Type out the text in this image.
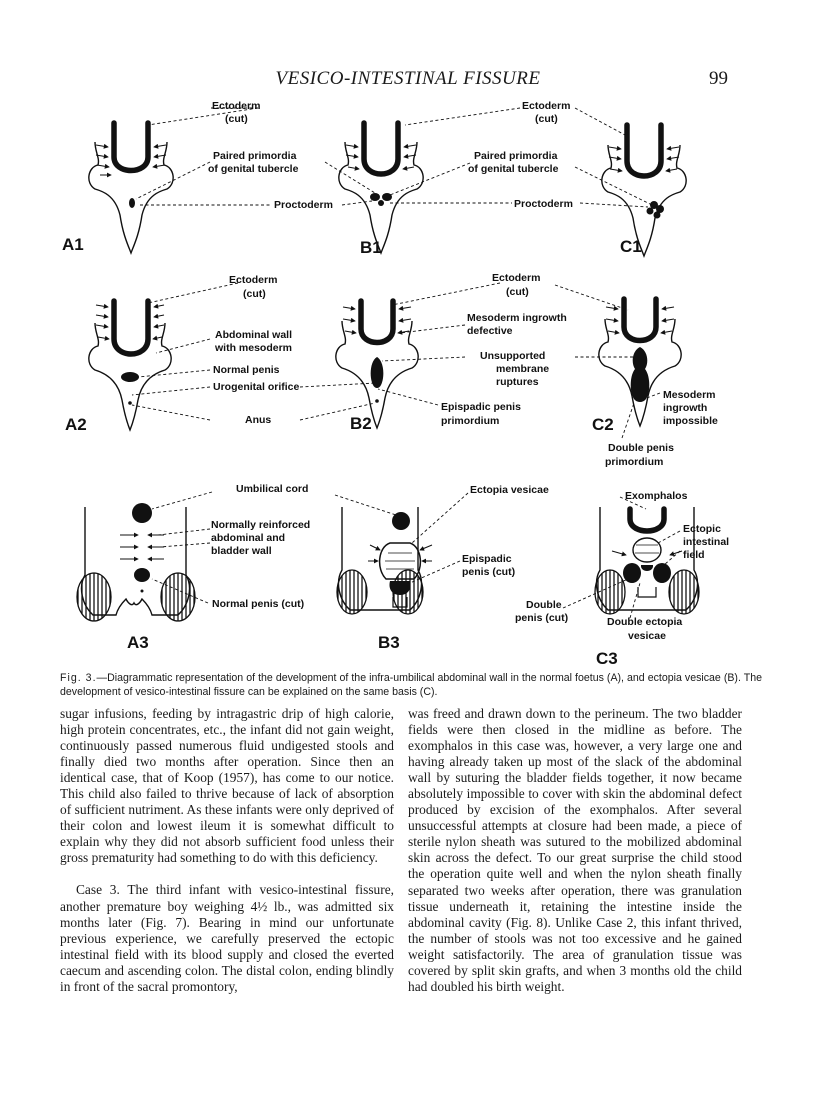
VESICO-INTESTINAL FISSURE	99
A1	B1	C1
Ectoderm
(cut)
Ectoderm
(cut)
Paired primordia
of genital tubercle
Paired primordia
of genital tubercle
Proctoderm	Proctoderm
A2	B2	C2
Ectoderm
(cut)
Ectoderm
(cut)
Abdominal wall
with mesoderm
Normal penis
Urogenital orifice
Anus
Mesoderm ingrowth
defective
Unsupported
membrane
ruptures
Epispadic penis
primordium
Mesoderm
ingrowth
impossible
Double penis
primordium
A3
C3
B3
Umbilical cord
Normally reinforced
abdominal and
bladder wall
Normal penis (cut)
Ectopia vesicae
Epispadic
penis (cut)
Exomphalos
Ectopic
intestinal
field
Double
penis (cut)	Double ectopia
vesicae
Fig. 3.—Diagrammatic representation of the development of the infra-umbilical abdominal wall in the normal foetus (A), and ectopia vesicae (B). The development of vesico-intestinal fissure can be explained on the same basis (C).

sugar infusions, feeding by intragastric drip of high calorie, high protein concentrates, etc., the infant did not gain weight, continuously passed numerous fluid undigested stools and finally died two months after operation. Since then an identical case, that of Koop (1957), has come to our notice. This child also failed to thrive because of lack of absorption of sufficient nutriment. As these infants were only deprived of their colon and lowest ileum it is somewhat difficult to explain why they did not absorb sufficient food unless their gross prematurity had something to do with this deficiency.

Case 3. The third infant with vesico-intestinal fissure, another premature boy weighing 4½ lb., was admitted six months later (Fig. 7). Bearing in mind our unfortunate previous experience, we carefully preserved the ectopic intestinal field with its blood supply and closed the everted caecum and ascending colon. The distal colon, ending blindly in front of the sacral promontory,

was freed and drawn down to the perineum. The two bladder fields were then closed in the midline as before. The exomphalos in this case was, however, a very large one and having already taken up most of the slack of the abdominal wall by suturing the bladder fields together, it now became absolutely impossible to cover with skin the abdominal defect produced by excision of the exomphalos. After several unsuccessful attempts at closure had been made, a piece of sterile nylon sheath was sutured to the mobilized abdominal skin across the defect. To our great surprise the child stood the operation quite well and when the nylon sheath finally separated two weeks after operation, there was granulation tissue underneath it, retaining the intestine inside the abdominal cavity (Fig. 8). Unlike Case 2, this infant thrived, the number of stools was not too excessive and he gained weight satisfactorily. The area of granulation tissue was covered by split skin grafts, and when 3 months old the child had doubled his birth weight.
